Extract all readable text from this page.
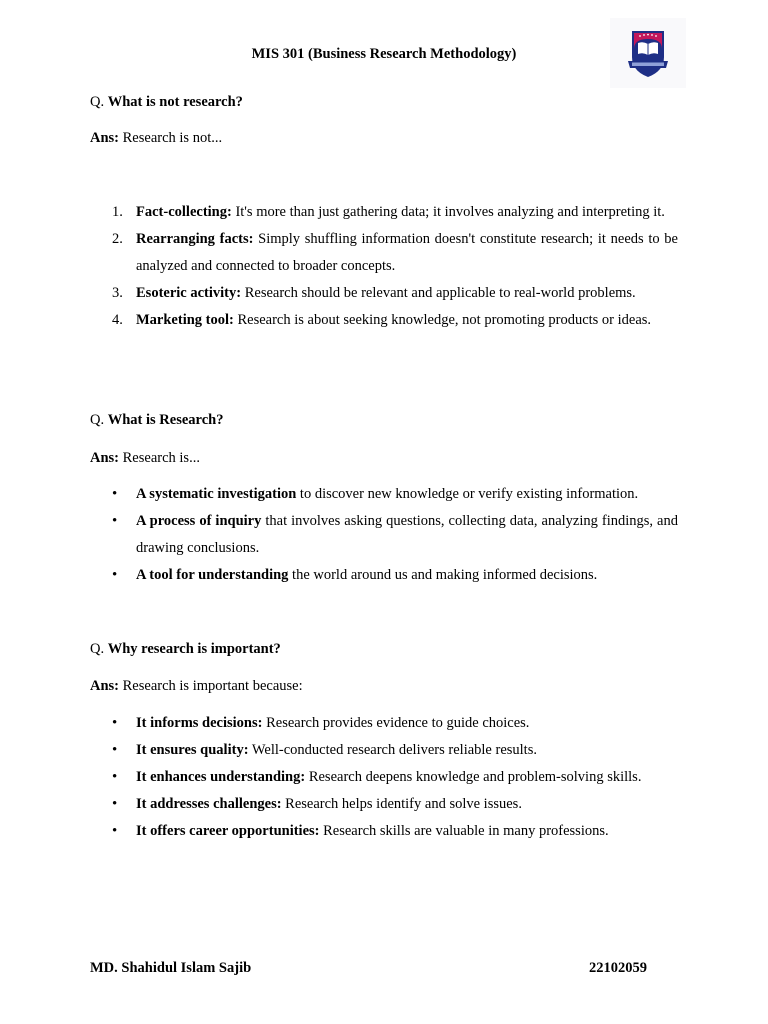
MIS 301 (Business Research Methodology)
Q. What is not research?
Ans: Research is not...
1. Fact-collecting: It's more than just gathering data; it involves analyzing and interpreting it.
2. Rearranging facts: Simply shuffling information doesn't constitute research; it needs to be analyzed and connected to broader concepts.
3. Esoteric activity: Research should be relevant and applicable to real-world problems.
4. Marketing tool: Research is about seeking knowledge, not promoting products or ideas.
Q. What is Research?
Ans: Research is...
• A systematic investigation to discover new knowledge or verify existing information.
• A process of inquiry that involves asking questions, collecting data, analyzing findings, and drawing conclusions.
• A tool for understanding the world around us and making informed decisions.
Q. Why research is important?
Ans: Research is important because:
• It informs decisions: Research provides evidence to guide choices.
• It ensures quality: Well-conducted research delivers reliable results.
• It enhances understanding: Research deepens knowledge and problem-solving skills.
• It addresses challenges: Research helps identify and solve issues.
• It offers career opportunities: Research skills are valuable in many professions.
MD. Shahidul Islam Sajib	22102059
